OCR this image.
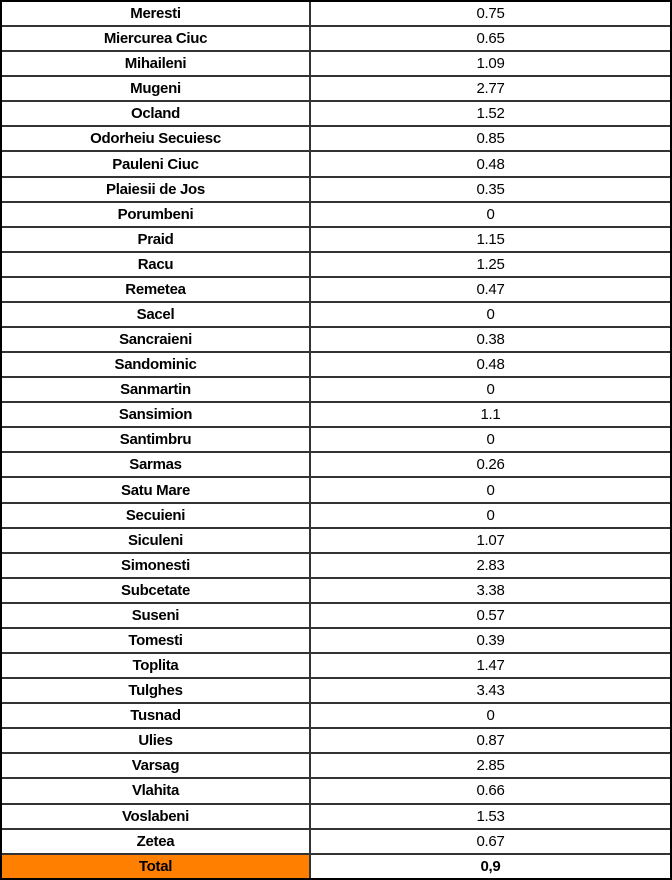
Meresti	0.75
Miercurea Ciuc	0.65
Mihaileni	1.09
Mugeni	2.77
Ocland	1.52
Odorheiu Secuiesc	0.85
Pauleni Ciuc	0.48
Plaiesii de Jos	0.35
Porumbeni	0
Praid	1.15
Racu	1.25
Remetea	0.47
Sacel	0
Sancraieni	0.38
Sandominic	0.48
Sanmartin	0
Sansimion	1.1
Santimbru	0
Sarmas	0.26
Satu Mare	0
Secuieni	0
Siculeni	1.07
Simonesti	2.83
Subcetate	3.38
Suseni	0.57
Tomesti	0.39
Toplita	1.47
Tulghes	3.43
Tusnad	0
Ulies	0.87
Varsag	2.85
Vlahita	0.66
Voslabeni	1.53
Zetea	0.67
Total	0,9
